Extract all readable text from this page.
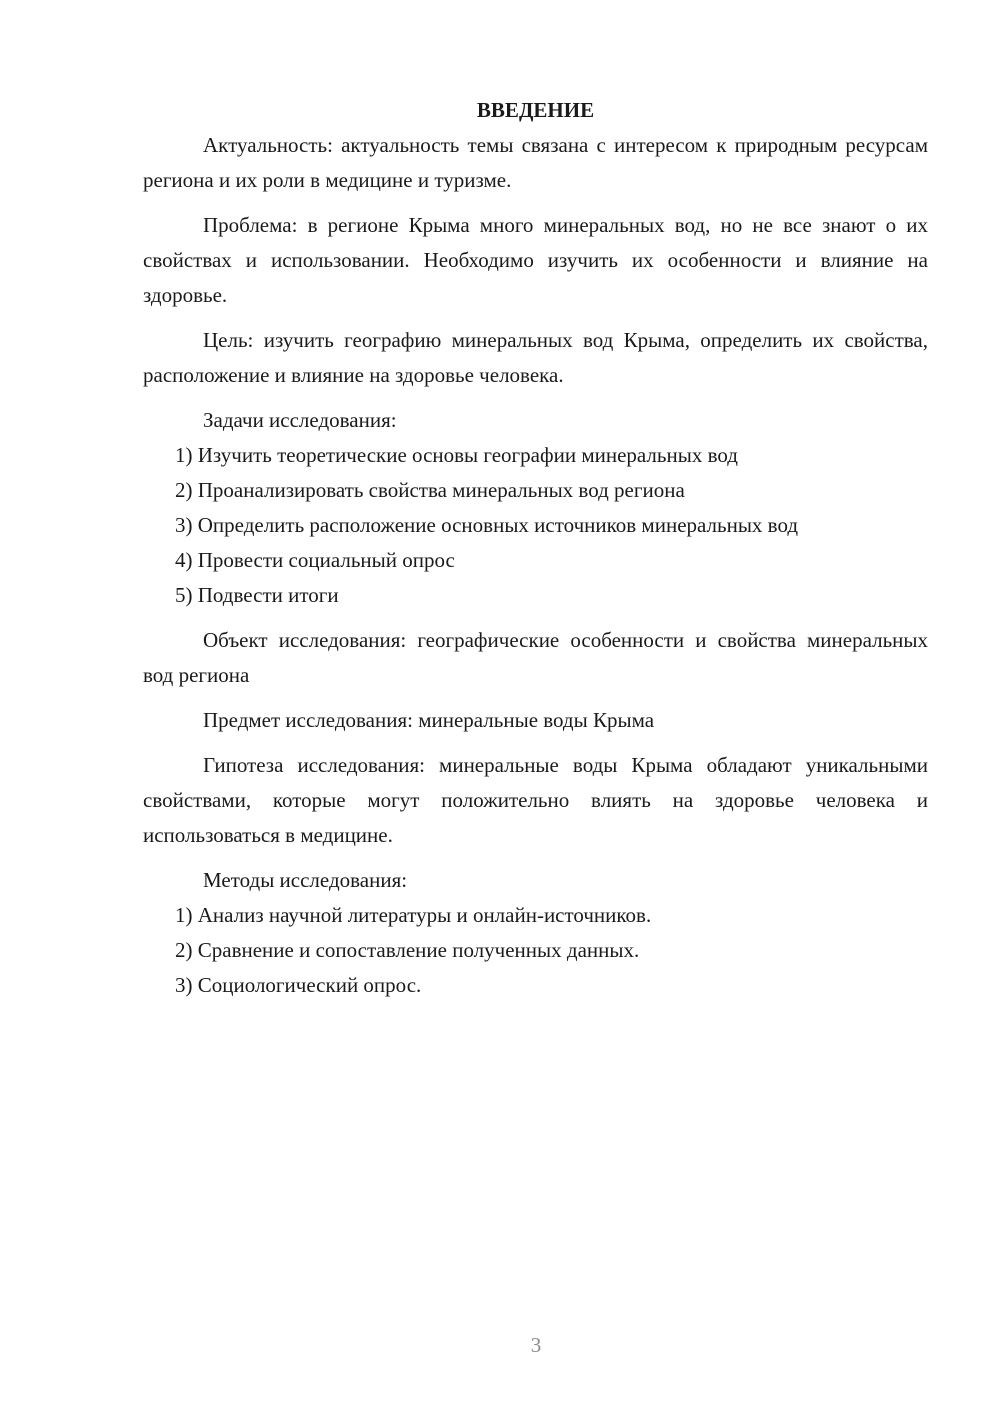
ВВЕДЕНИЕ

Актуальность: актуальность темы связана с интересом к природным ресурсам региона и их роли в медицине и туризме.

Проблема: в регионе Крыма много минеральных вод, но не все знают о их свойствах и использовании. Необходимо изучить их особенности и влияние на здоровье.

Цель: изучить географию минеральных вод Крыма, определить их свойства, расположение и влияние на здоровье человека.

Задачи исследования:

1) Изучить теоретические основы географии минеральных вод

2) Проанализировать свойства минеральных вод региона

3) Определить расположение основных источников минеральных вод

4) Провести социальный опрос

5) Подвести итоги

Объект исследования: географические особенности и свойства минеральных вод региона

Предмет исследования: минеральные воды Крыма

Гипотеза исследования: минеральные воды Крыма обладают уникальными свойствами, которые могут положительно влиять на здоровье человека и использоваться в медицине.

Методы исследования:

1) Анализ научной литературы и онлайн-источников.

2) Сравнение и сопоставление полученных данных.

3) Социологический опрос.

3
